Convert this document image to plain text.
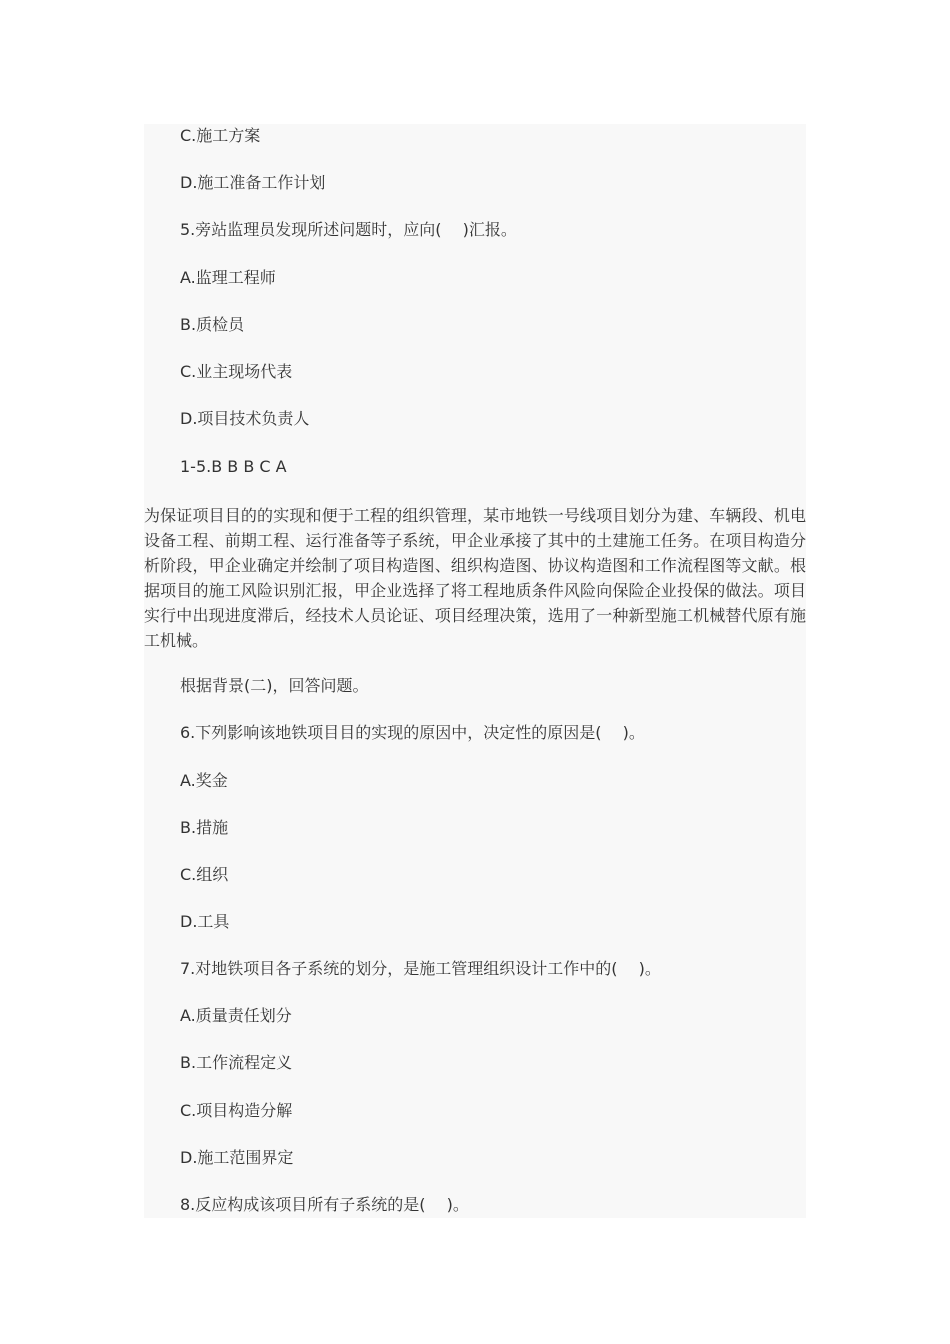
C.施工方案
D.施工准备工作计划
5.旁站监理员发现所述问题时，应向(　 )汇报。
A.监理工程师
B.质检员
C.业主现场代表
D.项目技术负责人
1-5.B B B C A
为保证项目目的的实现和便于工程的组织管理，某市地铁一号线项目划分为建、车辆段、机电设备工程、前期工程、运行准备等子系统，甲企业承接了其中的土建施工任务。在项目构造分析阶段，甲企业确定并绘制了项目构造图、组织构造图、协议构造图和工作流程图等文献。根据项目的施工风险识别汇报，甲企业选择了将工程地质条件风险向保险企业投保的做法。项目实行中出现进度滞后，经技术人员论证、项目经理决策，选用了一种新型施工机械替代原有施工机械。
根据背景(二)，回答问题。
6.下列影响该地铁项目目的实现的原因中，决定性的原因是(　 )。
A.奖金
B.措施
C.组织
D.工具
7.对地铁项目各子系统的划分，是施工管理组织设计工作中的(　 )。
A.质量责任划分
B.工作流程定义
C.项目构造分解
D.施工范围界定
8.反应构成该项目所有子系统的是(　 )。
